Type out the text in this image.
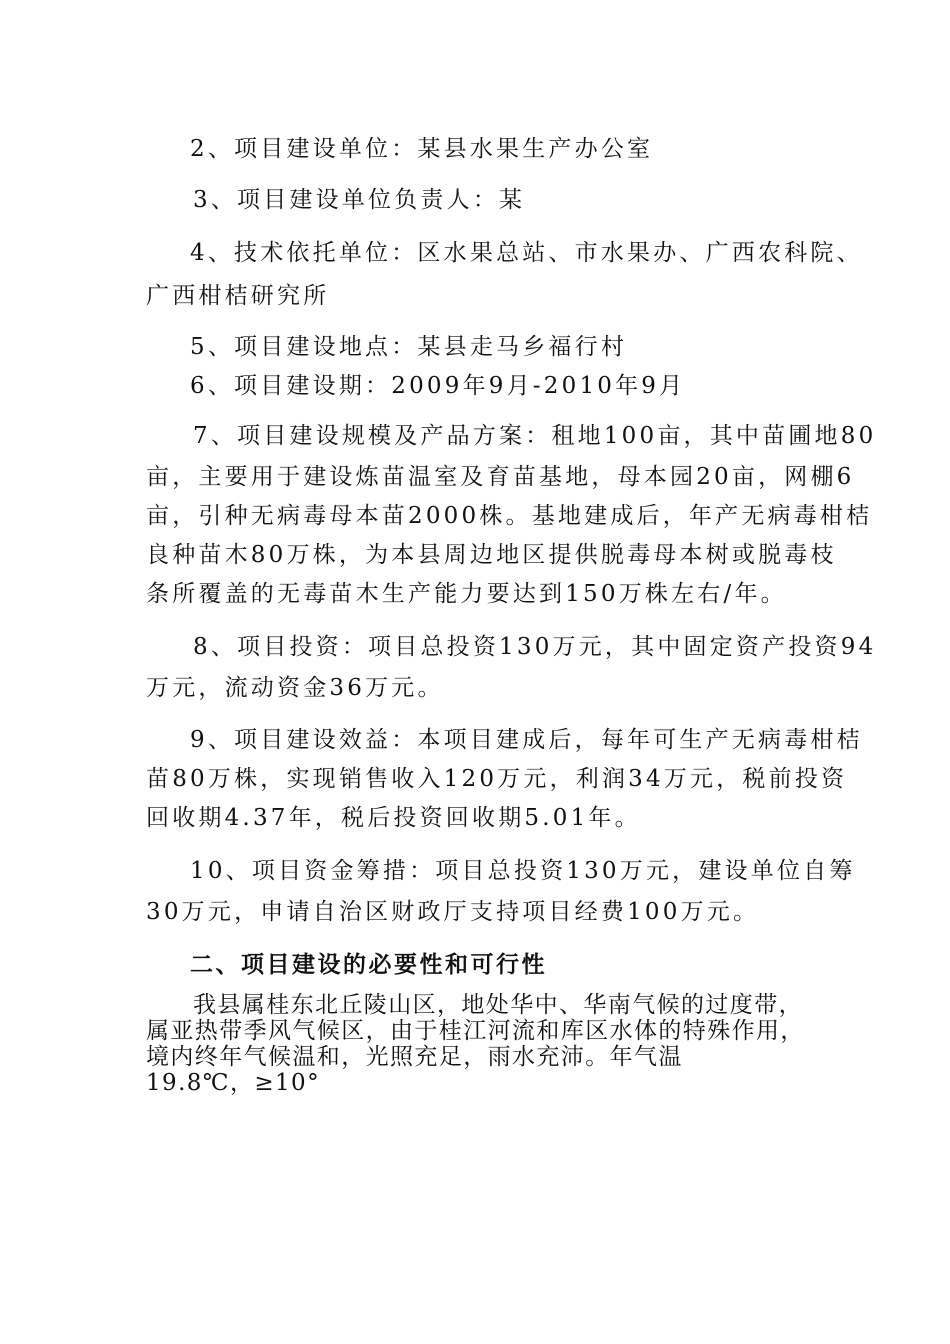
2、项目建设单位：某县水果生产办公室
3、项目建设单位负责人：某
4、技术依托单位：区水果总站、市水果办、广西农科院、
广西柑桔研究所
5、项目建设地点：某县走马乡福行村
6、项目建设期：2009年9月-2010年9月
7、项目建设规模及产品方案：租地100亩，其中苗圃地80
亩，主要用于建设炼苗温室及育苗基地，母本园20亩，网棚6
亩，引种无病毒母本苗2000株。基地建成后，年产无病毒柑桔
良种苗木80万株，为本县周边地区提供脱毒母本树或脱毒枝
条所覆盖的无毒苗木生产能力要达到150万株左右/年。
8、项目投资：项目总投资130万元，其中固定资产投资94
万元，流动资金36万元。
9、项目建设效益：本项目建成后，每年可生产无病毒柑桔
苗80万株，实现销售收入120万元，利润34万元，税前投资
回收期4.37年，税后投资回收期5.01年。
10、项目资金筹措：项目总投资130万元，建设单位自筹
30万元，申请自治区财政厅支持项目经费100万元。
二、项目建设的必要性和可行性
我县属桂东北丘陵山区，地处华中、华南气候的过度带，
属亚热带季风气候区，由于桂江河流和库区水体的特殊作用，
境内终年气候温和，光照充足，雨水充沛。年气温
19.8℃，≥10°
